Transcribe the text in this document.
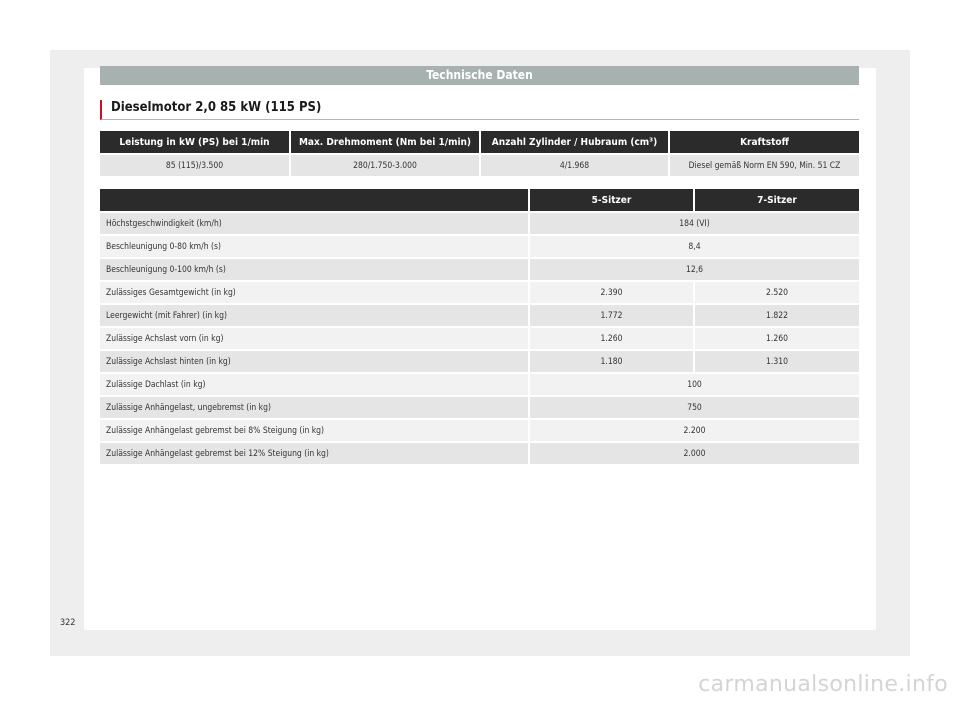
Technische Daten
Dieselmotor 2,0 85 kW (115 PS)
Leistung in kW (PS) bei 1/min	Max. Drehmoment (Nm bei 1/min)	Anzahl Zylinder / Hubraum (cm³)	Kraftstoff
85 (115)/3.500	280/1.750-3.000	4/1.968	Diesel gemäß Norm EN 590, Min. 51 CZ
	5-Sitzer	7-Sitzer
Höchstgeschwindigkeit (km/h)	184 (VI)	
Beschleunigung 0-80 km/h (s)	8,4	
Beschleunigung 0-100 km/h (s)	12,6	
Zulässiges Gesamtgewicht (in kg)	2.390	2.520
Leergewicht (mit Fahrer) (in kg)	1.772	1.822
Zulässige Achslast vorn (in kg)	1.260	1.260
Zulässige Achslast hinten (in kg)	1.180	1.310
Zulässige Dachlast (in kg)	100	
Zulässige Anhängelast, ungebremst (in kg)	750	
Zulässige Anhängelast gebremst bei 8% Steigung (in kg)	2.200	
Zulässige Anhängelast gebremst bei 12% Steigung (in kg)	2.000	
322
carmanualsonline.info
